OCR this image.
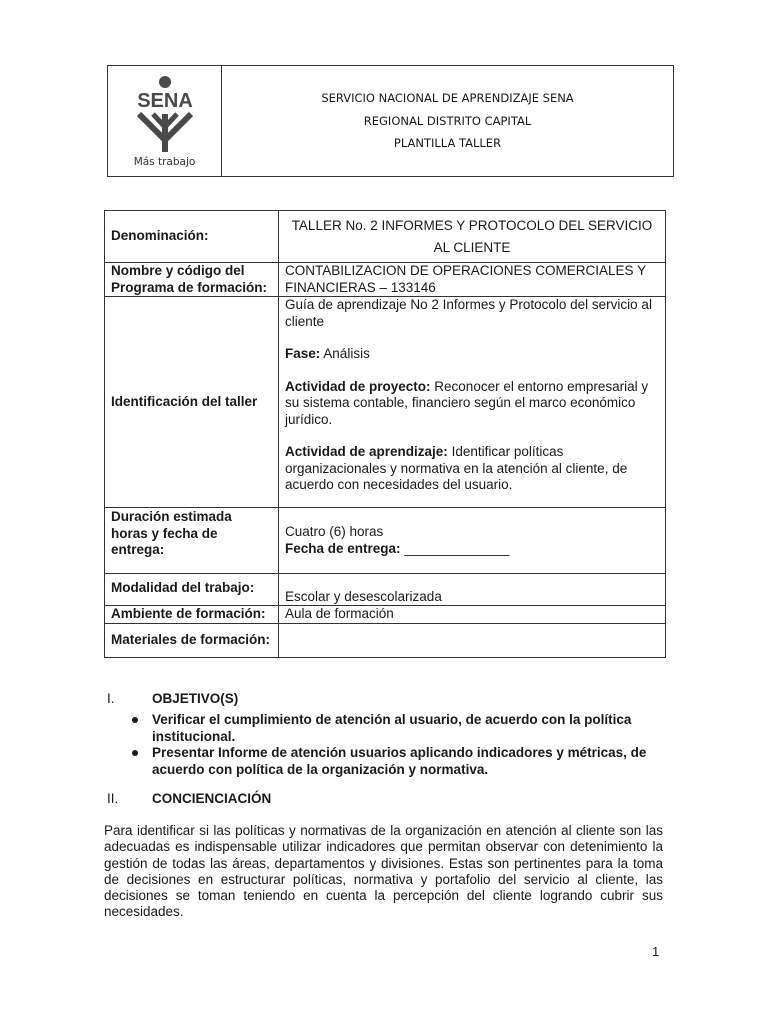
SENA
Más trabajo
SERVICIO NACIONAL DE APRENDIZAJE SENA
REGIONAL DISTRITO CAPITAL
PLANTILLA TALLER
Denominación:	TALLER No. 2 INFORMES Y PROTOCOLO DEL SERVICIO AL CLIENTE
Nombre y código del Programa de formación:	CONTABILIZACION DE OPERACIONES COMERCIALES Y FINANCIERAS – 133146
Identificación del taller	Guía de aprendizaje No 2 Informes y Protocolo del servicio al cliente

Fase: Análisis

Actividad de proyecto: Reconocer el entorno empresarial y su sistema contable, financiero según el marco económico jurídico.

Actividad de aprendizaje: Identificar políticas organizacionales y normativa en la atención al cliente, de acuerdo con necesidades del usuario.

Duración estimada horas y fecha de entrega:	Cuatro (6) horas
Fecha de entrega: ______________

Modalidad del trabajo:	Escolar y desescolarizada
Ambiente de formación:	Aula de formación
Materiales de formación:	
I.	OBJETIVO(S)
Verificar el cumplimiento de atención al usuario, de acuerdo con la política institucional.
Presentar Informe de atención usuarios aplicando indicadores y métricas, de acuerdo con política de la organización y normativa.
II. CONCIENCIACIÓN

Para identificar si las políticas y normativas de la organización en atención al cliente son las adecuadas es indispensable utilizar indicadores que permitan observar con detenimiento la gestión de todas las áreas, departamentos y divisiones. Estas son pertinentes para la toma de decisiones en estructurar políticas, normativa y portafolio del servicio al cliente, las decisiones se toman teniendo en cuenta la percepción del cliente logrando cubrir sus necesidades.

1
